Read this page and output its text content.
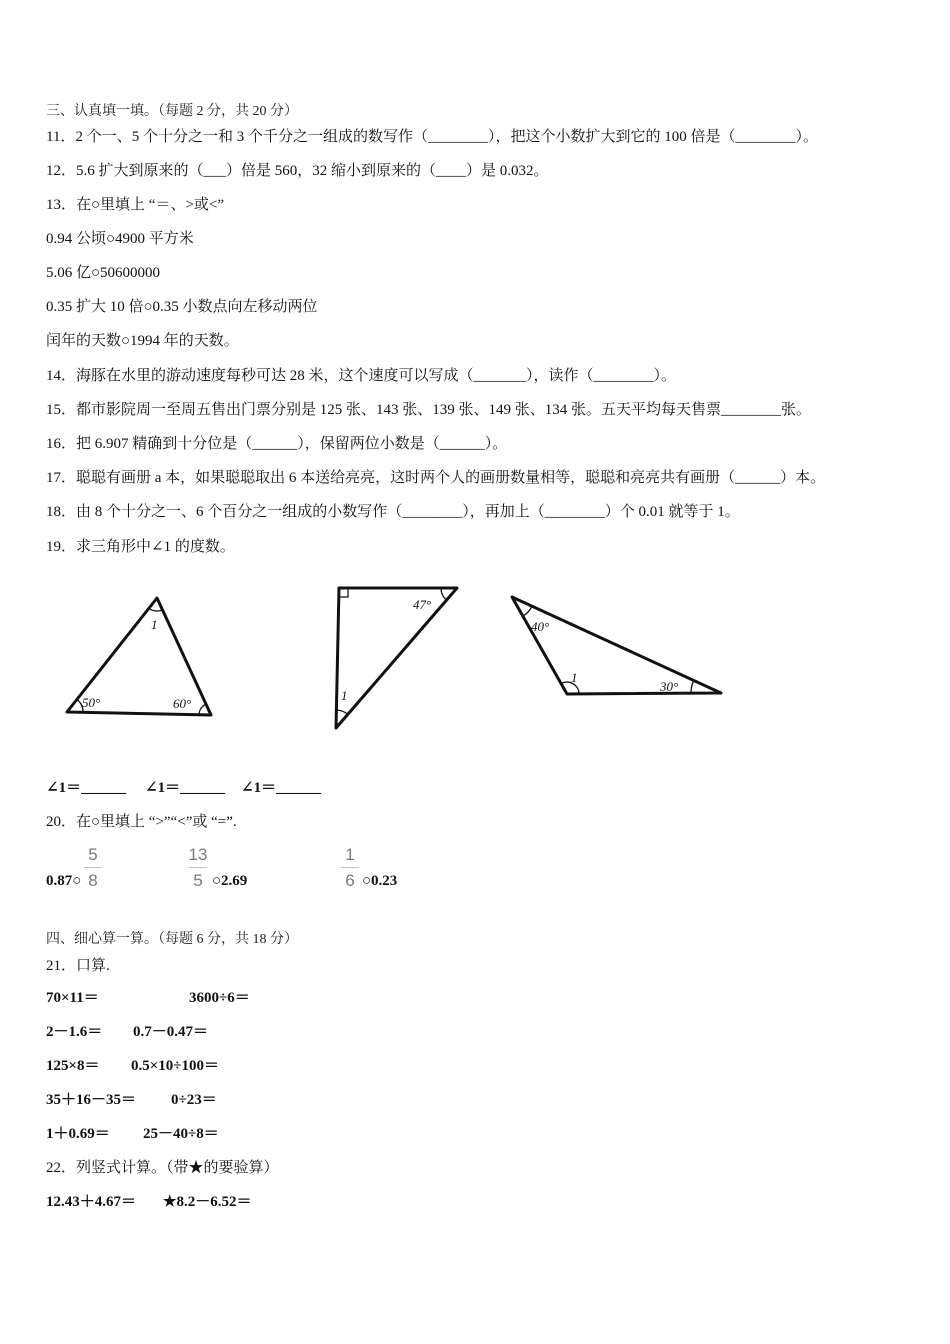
三、认真填一填。（每题 2 分，共 20 分）
11．2 个一、5 个十分之一和 3 个千分之一组成的数写作（________），把这个小数扩大到它的 100 倍是（________）。
12．5.6 扩大到原来的（___）倍是 560，32 缩小到原来的（____）是 0.032。
13．在○里填上 “＝、>或<”
0.94 公顷○4900 平方米
5.06 亿○50600000
0.35 扩大 10 倍○0.35 小数点向左移动两位
闰年的天数○1994 年的天数。
14．海豚在水里的游动速度每秒可达 28 米，这个速度可以写成（_______），读作（________）。
15．都市影院周一至周五售出门票分别是 125 张、143 张、139 张、149 张、134 张。五天平均每天售票________张。
16．把 6.907 精确到十分位是（______），保留两位小数是（______）。
17．聪聪有画册 a 本，如果聪聪取出 6 本送给亮亮，这时两个人的画册数量相等，聪聪和亮亮共有画册（______）本。
18．由 8 个十分之一、6 个百分之一组成的小数写作（________），再加上（________）个 0.01 就等于 1。
19．求三角形中∠1 的度数。
1
50°	60°
47°
1
40°
1
30°
∠1＝______ ∠1＝______ ∠1＝______
20．在○里填上 “>”“<”或 “=”.
0.87○
5
8
13
5 ○2.69
1
6 ○0.23
四、细心算一算。（每题 6 分，共 18 分）
21．口算.
70×11＝	3600÷6＝
2－1.6＝ 0.7－0.47＝
125×8＝ 0.5×10÷100＝
35＋16－35＝ 0÷23＝
1＋0.69＝ 25－40÷8＝
22．列竖式计算。（带★的要验算）
12.43＋4.67＝ ★8.2－6.52＝
